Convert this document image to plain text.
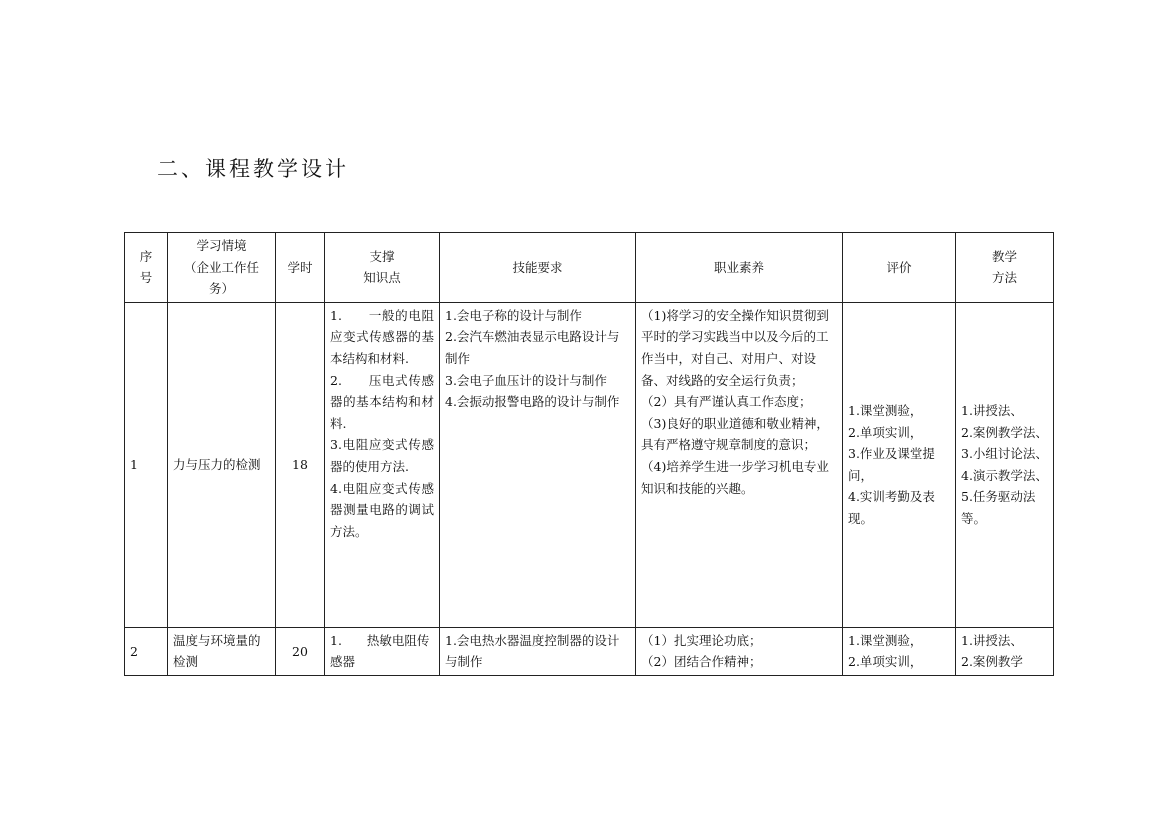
二、课程教学设计
序
号	学习情境
（企业工作任
务）	学时	支撑
知识点	技能要求	职业素养	评价	教学
方法
1	力与压力的检测	18	1.　　一般的电阻应变式传感器的基本结构和材料.
2.　　压电式传感器的基本结构和材料.
3.电阻应变式传感器的使用方法.
4.电阻应变式传感器测量电路的调试方法。	1.会电子称的设计与制作
2.会汽车燃油表显示电路设计与制作
3.会电子血压计的设计与制作
4.会振动报警电路的设计与制作	（1)将学习的安全操作知识贯彻到平时的学习实践当中以及今后的工作当中，对自己、对用户、对设备、对线路的安全运行负责；
（2）具有严谨认真工作态度；
（3)良好的职业道德和敬业精神，具有严格遵守规章制度的意识；
（4)培养学生进一步学习机电专业知识和技能的兴趣。	1.课堂测验，
2.单项实训，
3.作业及课堂提问，
4.实训考勤及表现。	1.讲授法、
2.案例教学法、 3.小组讨论法、 4.演示教学法、 5.任务驱动法等。
2	温度与环境量的检测	20	1.　　热敏电阻传感器	1.会电热水器温度控制器的设计与制作	（1）扎实理论功底；
（2）团结合作精神；	1.课堂测验，
2.单项实训，	1.讲授法、
2.案例教学
